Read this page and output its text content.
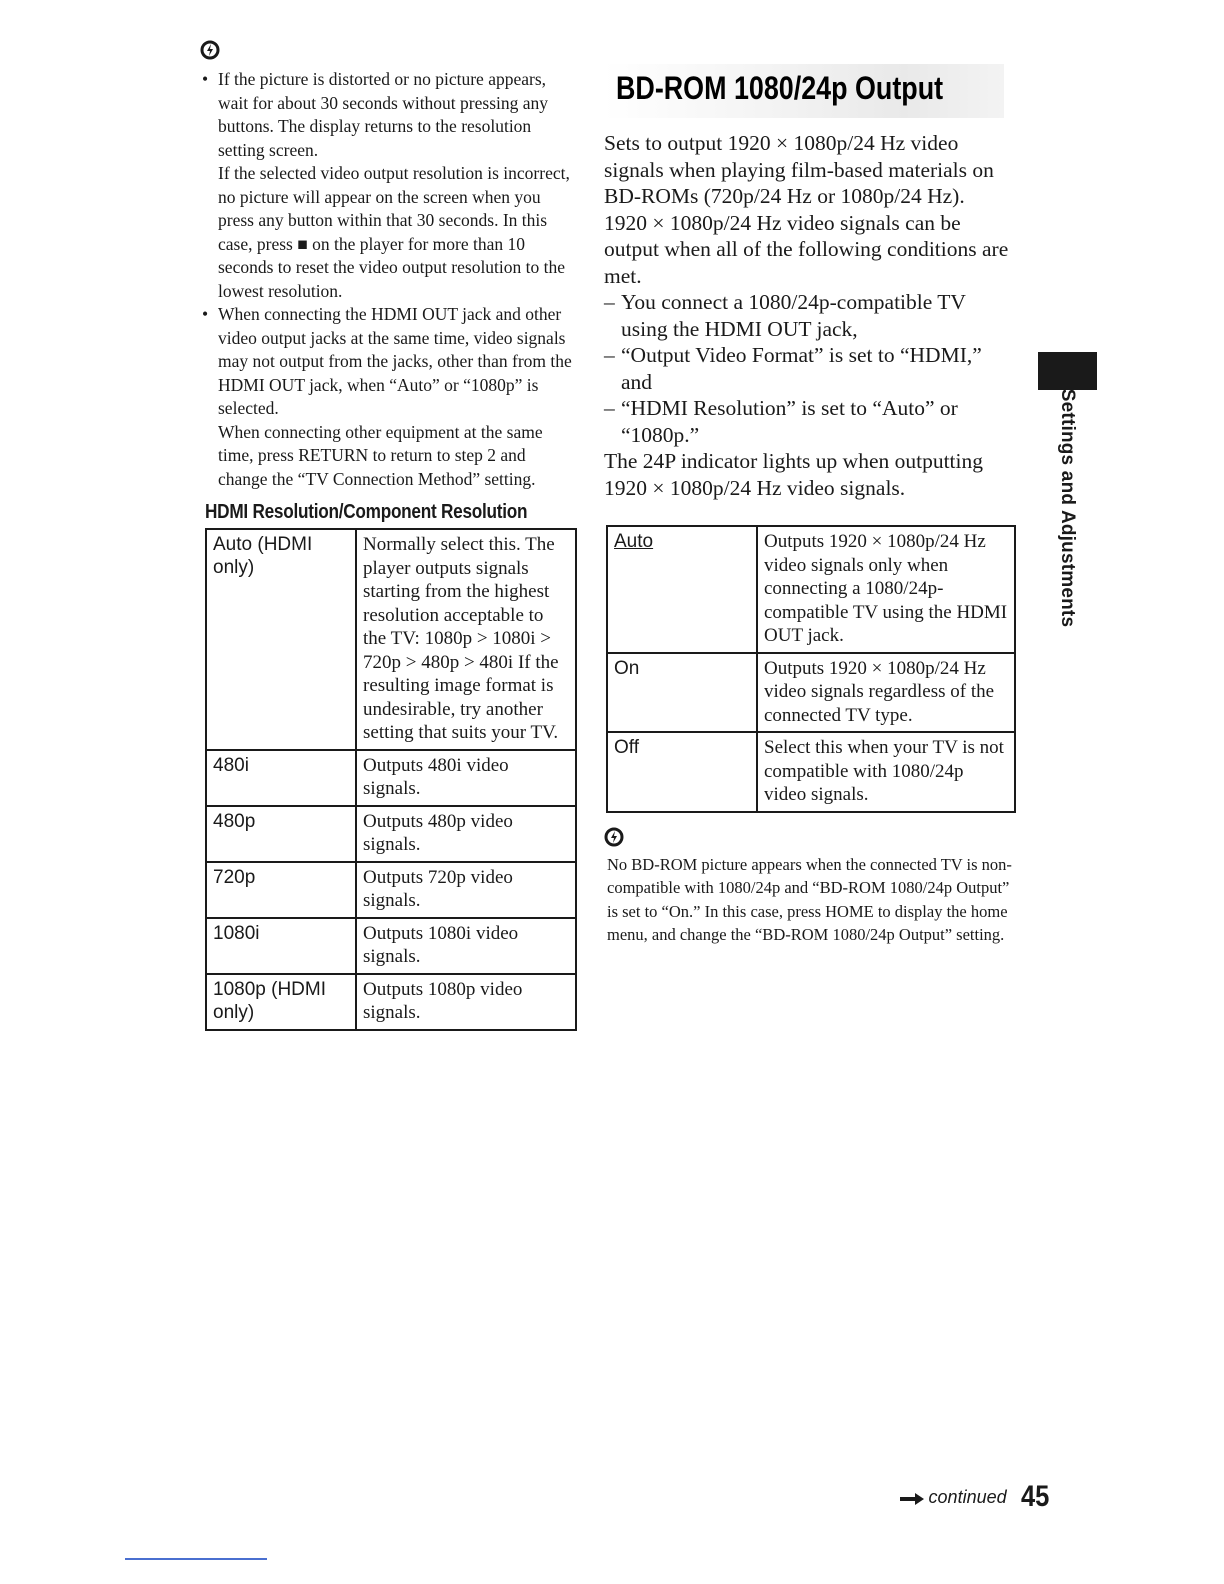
• If the picture is distorted or no picture appears, wait for about 30 seconds without pressing any buttons. The display returns to the resolution setting screen.

If the selected video output resolution is incorrect, no picture will appear on the screen when you press any button within that 30 seconds. In this case, press ■ on the player for more than 10 seconds to reset the video output resolution to the lowest resolution.

• When connecting the HDMI OUT jack and other video output jacks at the same time, video signals may not output from the jacks, other than from the HDMI OUT jack, when “Auto” or “1080p” is selected.

When connecting other equipment at the same time, press RETURN to return to step 2 and change the “TV Connection Method” setting.

HDMI Resolution/Component Resolution
Auto (HDMI only)	Normally select this. The player outputs signals starting from the highest resolution acceptable to the TV: 1080p > 1080i > 720p > 480p > 480i If the resulting image format is undesirable, try another setting that suits your TV.
480i	Outputs 480i video signals.
480p	Outputs 480p video signals.
720p	Outputs 720p video signals.
1080i	Outputs 1080i video signals.
1080p (HDMI only)	Outputs 1080p video signals.
BD-ROM 1080/24p Output

Sets to output 1920 × 1080p/24 Hz video signals when playing film-based materials on BD-ROMs (720p/24 Hz or 1080p/24 Hz).

1920 × 1080p/24 Hz video signals can be output when all of the following conditions are met.

– You connect a 1080/24p-compatible TV using the HDMI OUT jack,
– “Output Video Format” is set to “HDMI,” and
– “HDMI Resolution” is set to “Auto” or “1080p.”

The 24P indicator lights up when outputting 1920 × 1080p/24 Hz video signals.

Auto	Outputs 1920 × 1080p/24 Hz video signals only when connecting a 1080/24p-compatible TV using the HDMI OUT jack.
On	Outputs 1920 × 1080p/24 Hz video signals regardless of the connected TV type.
Off	Select this when your TV is not compatible with 1080/24p video signals.

No BD-ROM picture appears when the connected TV is non-compatible with 1080/24p and “BD-ROM 1080/24p Output” is set to “On.” In this case, press HOME to display the home menu, and change the “BD-ROM 1080/24p Output” setting.

Settings and Adjustments
continued 45
